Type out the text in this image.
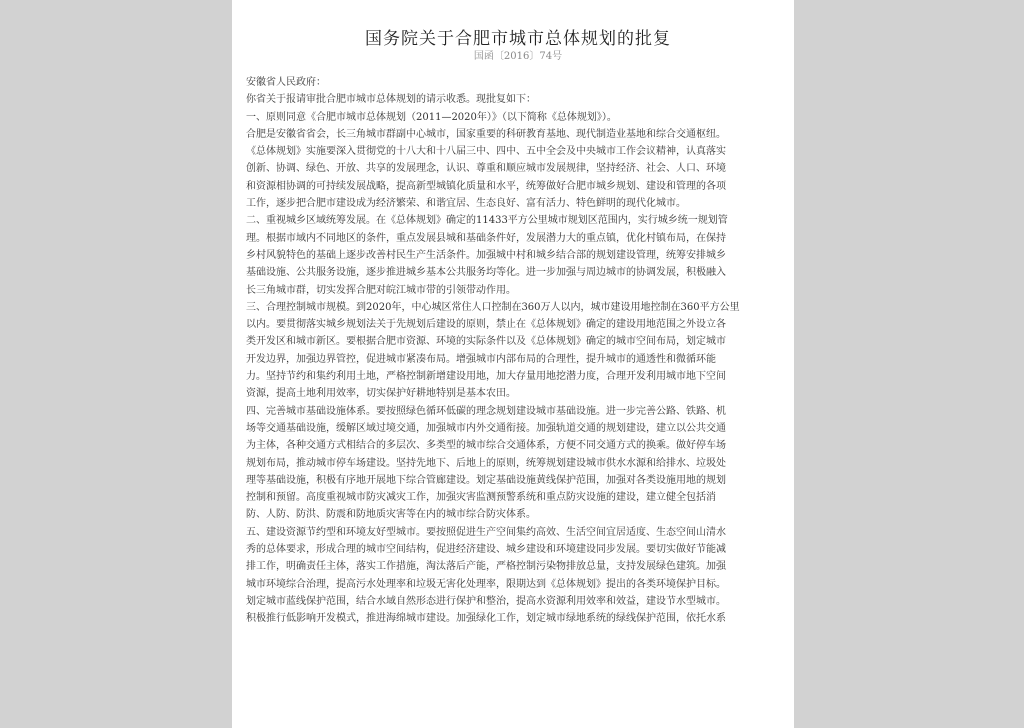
国务院关于合肥市城市总体规划的批复
国函〔2016〕74号
安徽省人民政府：
你省关于报请审批合肥市城市总体规划的请示收悉。现批复如下：
一、原则同意《合肥市城市总体规划（2011—2020年）》（以下简称《总体规划》）。
合肥是安徽省省会，长三角城市群副中心城市，国家重要的科研教育基地、现代制造业基地和综合交通枢纽。
《总体规划》实施要深入贯彻党的十八大和十八届三中、四中、五中全会及中央城市工作会议精神，认真落实
创新、协调、绿色、开放、共享的发展理念，认识、尊重和顺应城市发展规律，坚持经济、社会、人口、环境
和资源相协调的可持续发展战略，提高新型城镇化质量和水平，统筹做好合肥市城乡规划、建设和管理的各项
工作，逐步把合肥市建设成为经济繁荣、和谐宜居、生态良好、富有活力、特色鲜明的现代化城市。
二、重视城乡区域统筹发展。在《总体规划》确定的11433平方公里城市规划区范围内，实行城乡统一规划管
理。根据市域内不同地区的条件，重点发展县城和基础条件好，发展潜力大的重点镇，优化村镇布局，在保持
乡村风貌特色的基础上逐步改善村民生产生活条件。加强城中村和城乡结合部的规划建设管理，统筹安排城乡
基础设施、公共服务设施，逐步推进城乡基本公共服务均等化。进一步加强与周边城市的协调发展，积极融入
长三角城市群，切实发挥合肥对皖江城市带的引领带动作用。
三、合理控制城市规模。到2020年，中心城区常住人口控制在360万人以内，城市建设用地控制在360平方公里
以内。要贯彻落实城乡规划法关于先规划后建设的原则，禁止在《总体规划》确定的建设用地范围之外设立各
类开发区和城市新区。要根据合肥市资源、环境的实际条件以及《总体规划》确定的城市空间布局，划定城市
开发边界，加强边界管控，促进城市紧凑布局。增强城市内部布局的合理性，提升城市的通透性和微循环能
力。坚持节约和集约利用土地，严格控制新增建设用地，加大存量用地挖潜力度，合理开发利用城市地下空间
资源，提高土地利用效率，切实保护好耕地特别是基本农田。
四、完善城市基础设施体系。要按照绿色循环低碳的理念规划建设城市基础设施。进一步完善公路、铁路、机
场等交通基础设施，缓解区域过境交通，加强城市内外交通衔接。加强轨道交通的规划建设，建立以公共交通
为主体，各种交通方式相结合的多层次、多类型的城市综合交通体系，方便不同交通方式的换乘。做好停车场
规划布局，推动城市停车场建设。坚持先地下、后地上的原则，统筹规划建设城市供水水源和给排水、垃圾处
理等基础设施，积极有序地开展地下综合管廊建设。划定基础设施黄线保护范围，加强对各类设施用地的规划
控制和预留。高度重视城市防灾减灾工作，加强灾害监测预警系统和重点防灾设施的建设，建立健全包括消
防、人防、防洪、防震和防地质灾害等在内的城市综合防灾体系。
五、建设资源节约型和环境友好型城市。要按照促进生产空间集约高效、生活空间宜居适度、生态空间山清水
秀的总体要求，形成合理的城市空间结构，促进经济建设、城乡建设和环境建设同步发展。要切实做好节能减
排工作，明确责任主体，落实工作措施，淘汰落后产能，严格控制污染物排放总量，支持发展绿色建筑。加强
城市环境综合治理，提高污水处理率和垃圾无害化处理率，限期达到《总体规划》提出的各类环境保护目标。
划定城市蓝线保护范围，结合水域自然形态进行保护和整治，提高水资源利用效率和效益，建设节水型城市。
积极推行低影响开发模式，推进海绵城市建设。加强绿化工作，划定城市绿地系统的绿线保护范围，依托水系
